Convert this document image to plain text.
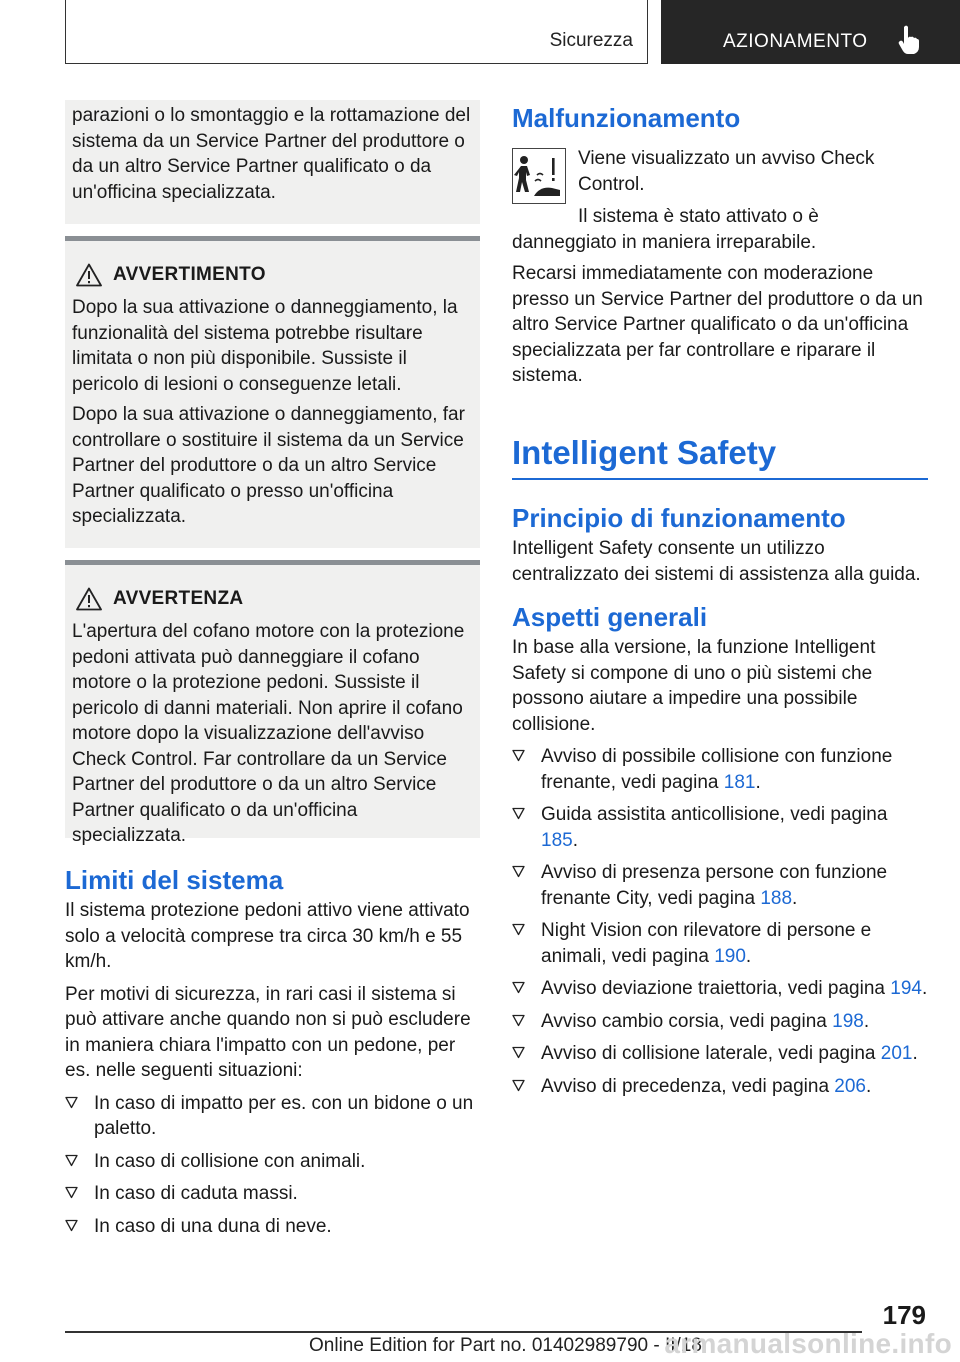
Sicurezza	AZIONAMENTO

parazioni o lo smontaggio e la rottamazione del sistema da un Service Partner del produttore o da un altro Service Partner qualificato o da un'officina specializzata.

AVVERTIMENTO

Dopo la sua attivazione o danneggiamento, la funzionalità del sistema potrebbe risultare limitata o non più disponibile. Sussiste il pericolo di lesioni o conseguenze letali.

Dopo la sua attivazione o danneggiamento, far controllare o sostituire il sistema da un Service Partner del produttore o da un altro Service Partner qualificato o presso un'officina specializzata.

AVVERTENZA

L'apertura del cofano motore con la protezione pedoni attivata può danneggiare il cofano motore o la protezione pedoni. Sussiste il pericolo di danni materiali. Non aprire il cofano motore dopo la visualizzazione dell'avviso Check Control. Far controllare da un Service Partner del produttore o da un altro Service Partner qualificato o da un'officina specializzata.

Limiti del sistema

Il sistema protezione pedoni attivo viene attivato solo a velocità comprese tra circa 30 km/h e 55 km/h.

Per motivi di sicurezza, in rari casi il sistema si può attivare anche quando non si può escludere in maniera chiara l'impatto con un pedone, per es. nelle seguenti situazioni:

In caso di impatto per es. con un bidone o un paletto.
In caso di collisione con animali.
In caso di caduta massi.
In caso di una duna di neve.
Malfunzionamento

Viene visualizzato un avviso Check Control.

Il sistema è stato attivato o è danneggiato in maniera irreparabile.

Recarsi immediatamente con moderazione presso un Service Partner del produttore o da un altro Service Partner qualificato o da un'officina specializzata per far controllare e riparare il sistema.

Intelligent Safety
Principio di funzionamento

Intelligent Safety consente un utilizzo centralizzato dei sistemi di assistenza alla guida.

Aspetti generali

In base alla versione, la funzione Intelligent Safety si compone di uno o più sistemi che possono aiutare a impedire una possibile collisione.

Avviso di possibile collisione con funzione frenante, vedi pagina 181.
Guida assistita anticollisione, vedi pagina 185.
Avviso di presenza persone con funzione frenante City, vedi pagina 188.
Night Vision con rilevatore di persone e animali, vedi pagina 190.
Avviso deviazione traiettoria, vedi pagina 194.
Avviso cambio corsia, vedi pagina 198.
Avviso di collisione laterale, vedi pagina 201.
Avviso di precedenza, vedi pagina 206.
179
Online Edition for Part no. 01402989790 - II/18
armanualsonline.info
